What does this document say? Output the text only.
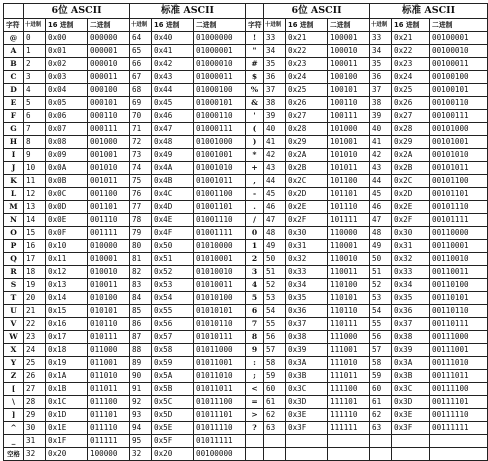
	6位 ASCII			标准 ASCII				6位 ASCII			标准 ASCII		
字符	十进制	16 进制	二进制	十进制	16 进制	二进制	字符	十进制	16 进制	二进制	十进制	16 进制	二进制
@	0	0x00	000000	64	0x40	01000000	!	33	0x21	100001	33	0x21	00100001
A	1	0x01	000001	65	0x41	01000001	"	34	0x22	100010	34	0x22	00100010
B	2	0x02	000010	66	0x42	01000010	#	35	0x23	100011	35	0x23	00100011
C	3	0x03	000011	67	0x43	01000011	$	36	0x24	100100	36	0x24	00100100
D	4	0x04	000100	68	0x44	01000100	%	37	0x25	100101	37	0x25	00100101
E	5	0x05	000101	69	0x45	01000101	&	38	0x26	100110	38	0x26	00100110
F	6	0x06	000110	70	0x46	01000110	'	39	0x27	100111	39	0x27	00100111
G	7	0x07	000111	71	0x47	01000111	(	40	0x28	101000	40	0x28	00101000
H	8	0x08	001000	72	0x48	01001000	)	41	0x29	101001	41	0x29	00101001
I	9	0x09	001001	73	0x49	01001001	*	42	0x2A	101010	42	0x2A	00101010
J	10	0x0A	001010	74	0x4A	01001010	+	43	0x2B	101011	43	0x2B	00101011
K	11	0x0B	001011	75	0x4B	01001011	,	44	0x2C	101100	44	0x2C	00101100
L	12	0x0C	001100	76	0x4C	01001100	-	45	0x2D	101101	45	0x2D	00101101
M	13	0x0D	001101	77	0x4D	01001101	.	46	0x2E	101110	46	0x2E	00101110
N	14	0x0E	001110	78	0x4E	01001110	/	47	0x2F	101111	47	0x2F	00101111
O	15	0x0F	001111	79	0x4F	01001111	0	48	0x30	110000	48	0x30	00110000
P	16	0x10	010000	80	0x50	01010000	1	49	0x31	110001	49	0x31	00110001
Q	17	0x11	010001	81	0x51	01010001	2	50	0x32	110010	50	0x32	00110010
R	18	0x12	010010	82	0x52	01010010	3	51	0x33	110011	51	0x33	00110011
S	19	0x13	010011	83	0x53	01010011	4	52	0x34	110100	52	0x34	00110100
T	20	0x14	010100	84	0x54	01010100	5	53	0x35	110101	53	0x35	00110101
U	21	0x15	010101	85	0x55	01010101	6	54	0x36	110110	54	0x36	00110110
V	22	0x16	010110	86	0x56	01010110	7	55	0x37	110111	55	0x37	00110111
W	23	0x17	010111	87	0x57	01010111	8	56	0x38	111000	56	0x38	00111000
X	24	0x18	011000	88	0x58	01011000	9	57	0x39	111001	57	0x39	00111001
Y	25	0x19	011001	89	0x59	01011001	:	58	0x3A	111010	58	0x3A	00111010
Z	26	0x1A	011010	90	0x5A	01011010	;	59	0x3B	111011	59	0x3B	00111011
[	27	0x1B	011011	91	0x5B	01011011	<	60	0x3C	111100	60	0x3C	00111100
\	28	0x1C	011100	92	0x5C	01011100	=	61	0x3D	111101	61	0x3D	00111101
]	29	0x1D	011101	93	0x5D	01011101	>	62	0x3E	111110	62	0x3E	00111110
^	30	0x1E	011110	94	0x5E	01011110	?	63	0x3F	111111	63	0x3F	00111111
_	31	0x1F	011111	95	0x5F	01011111							
空格	32	0x20	100000	32	0x20	00100000							
